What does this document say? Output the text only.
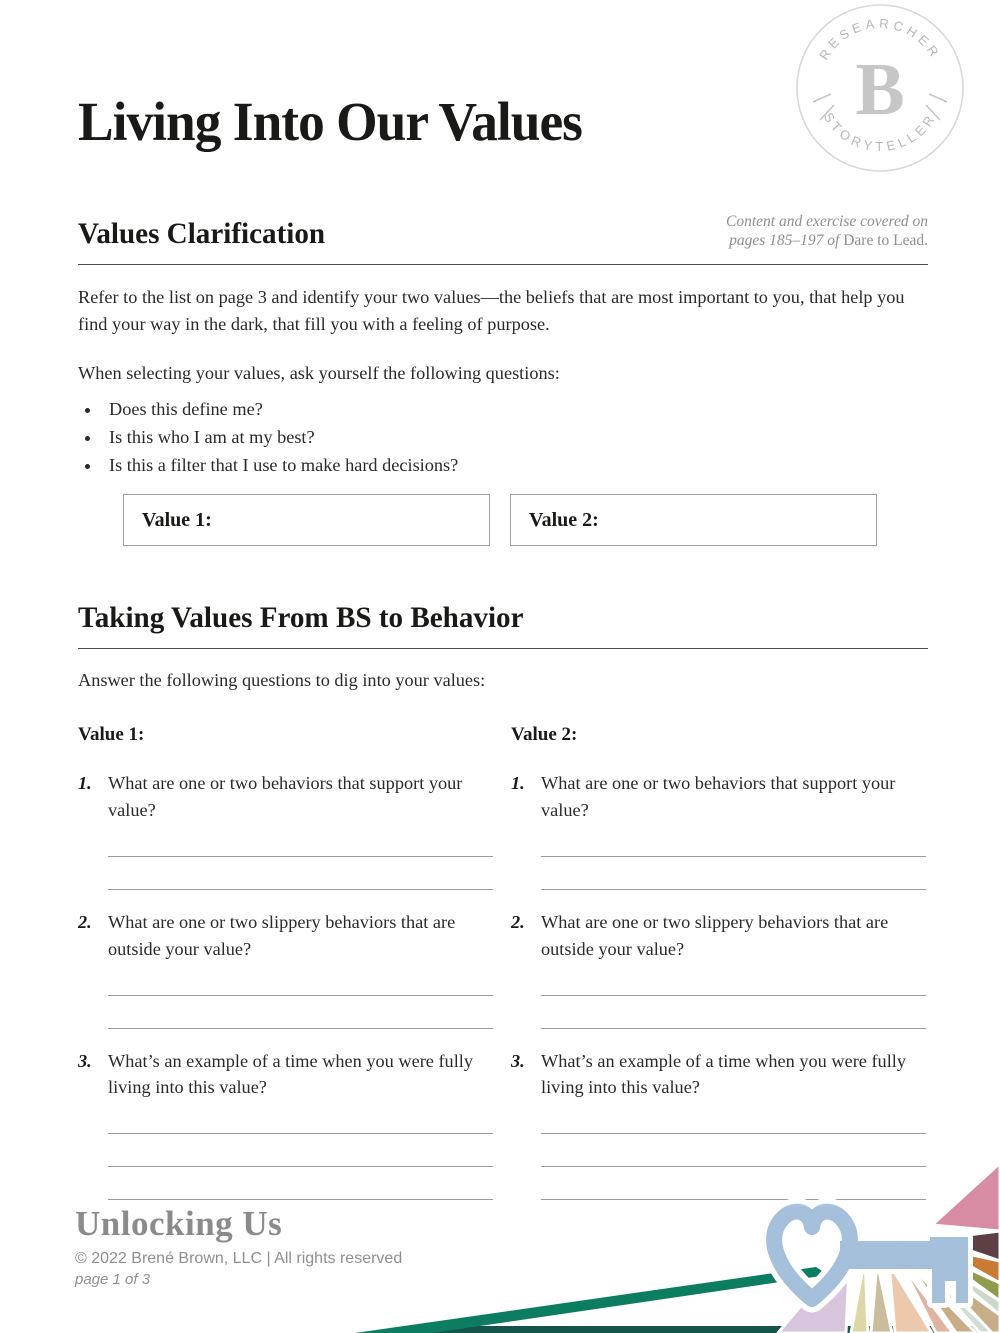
RESEARCHER
STORYTELLER
B
Living Into Our Values
Values Clarification	Content and exercise covered on
pages 185–197 of Dare to Lead.

Refer to the list on page 3 and identify your two values—the beliefs that are most important to you, that help you find your way in the dark, that fill you with a feeling of purpose.

When selecting your values, ask yourself the following questions:

• Does this define me?
• Is this who I am at my best?
• Is this a filter that I use to make hard decisions?
Value 1:	Value 2:
Taking Values From BS to Behavior

Answer the following questions to dig into your values:

Value 1:
1. What are one or two behaviors that support your value?
2. What are one or two slippery behaviors that are outside your value?
3. What’s an example of a time when you were fully living into this value?
Value 2:
1. What are one or two behaviors that support your value?
2. What are one or two slippery behaviors that are outside your value?
3. What’s an example of a time when you were fully living into this value?
Unlocking Us
© 2022 Brené Brown, LLC | All rights reserved
page 1 of 3
